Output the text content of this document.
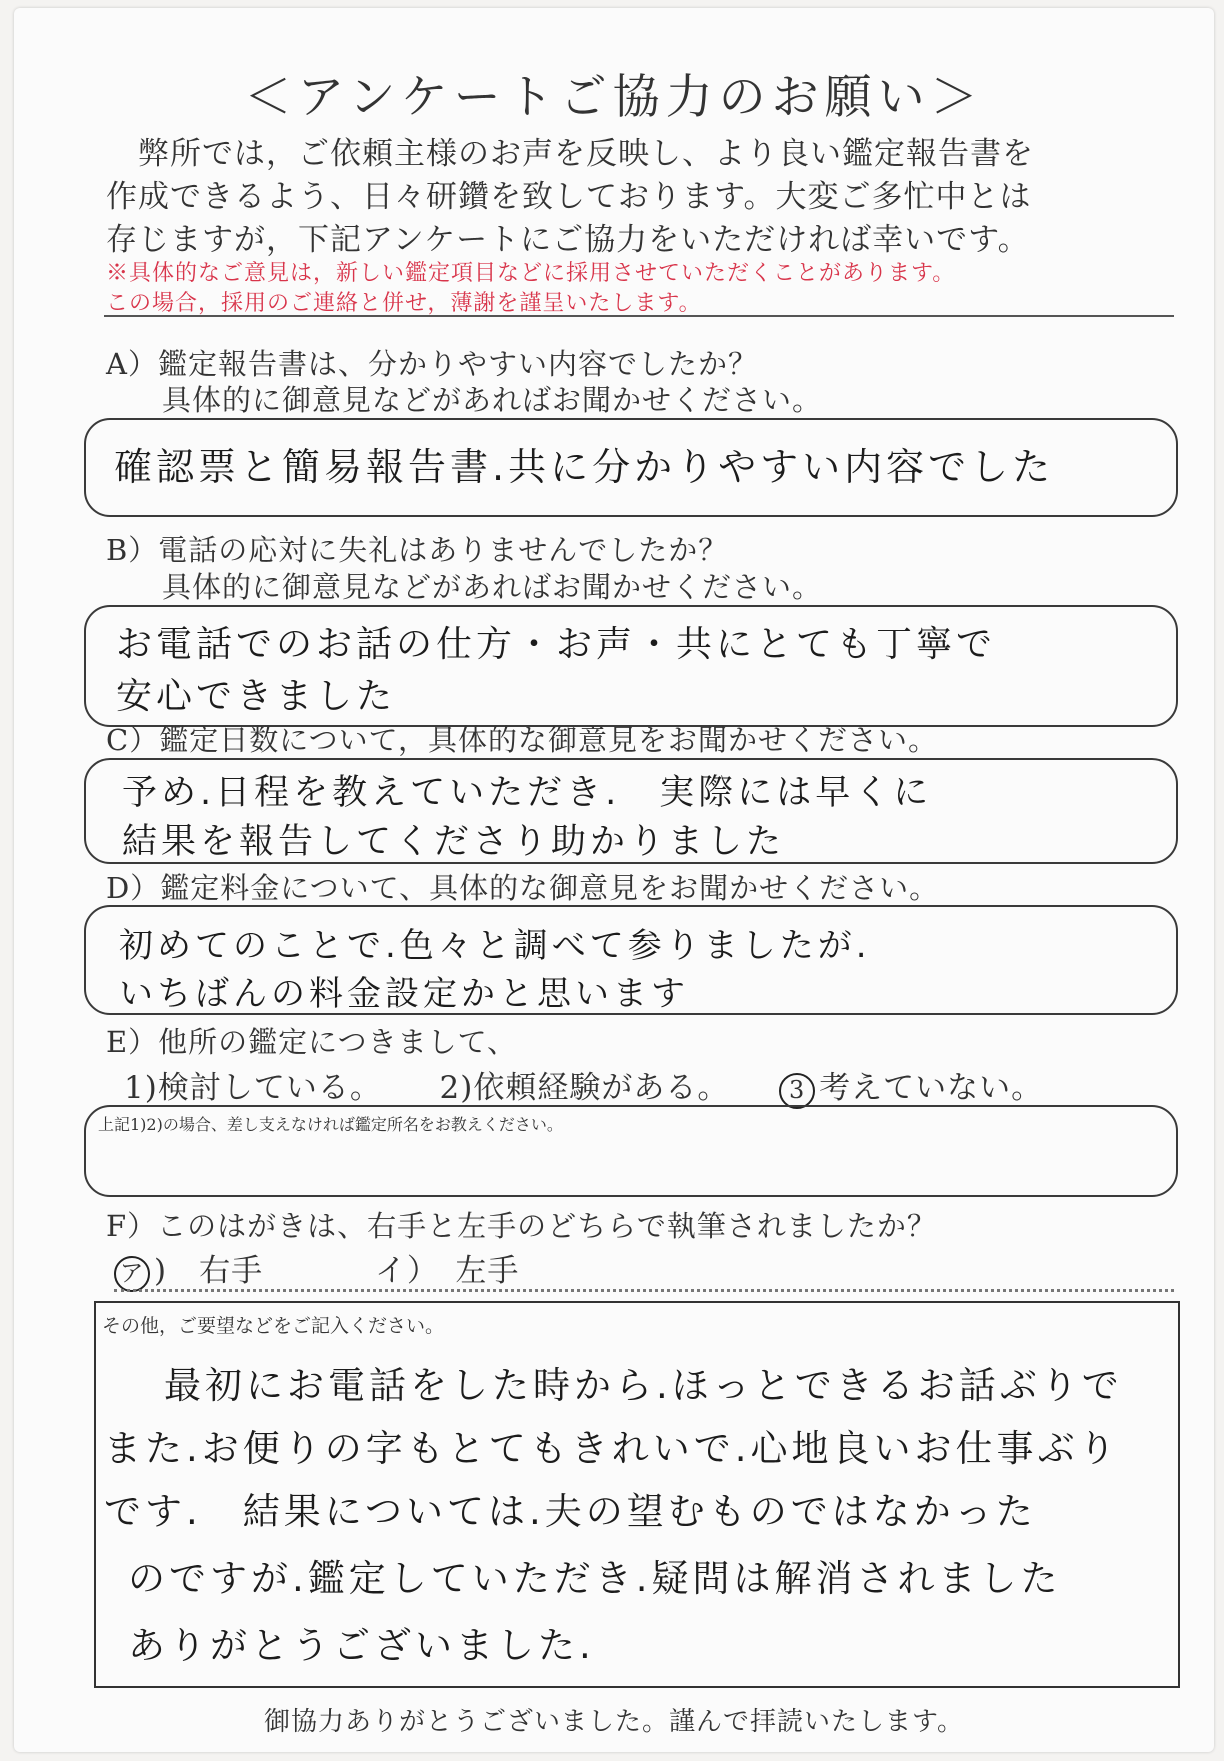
＜アンケートご協力のお願い＞
　弊所では，ご依頼主様のお声を反映し、より良い鑑定報告書を
作成できるよう、日々研鑽を致しております。大変ご多忙中とは
存じますが，下記アンケートにご協力をいただければ幸いです。
※具体的なご意見は，新しい鑑定項目などに採用させていただくことがあります。
この場合，採用のご連絡と併せ，薄謝を謹呈いたします。
A）鑑定報告書は、分かりやすい内容でしたか？
具体的に御意見などがあればお聞かせください。
確認票と簡易報告書.共に分かりやすい内容でした
B）電話の応対に失礼はありませんでしたか？
具体的に御意見などがあればお聞かせください。
お電話でのお話の仕方・お声・共にとても丁寧で
安心できました
C）鑑定日数について，具体的な御意見をお聞かせください。
予め.日程を教えていただき.　実際には早くに
結果を報告してくださり助かりました
D）鑑定料金について、具体的な御意見をお聞かせください。
初めてのことで.色々と調べて参りましたが.
いちばんの料金設定かと思います
E）他所の鑑定につきまして、
1)検討している。 2)依頼経験がある。 3 考えていない。
上記1)2)の場合、差し支えなければ鑑定所名をお教えください。
F）このはがきは、右手と左手のどちらで執筆されましたか？
ア )　右手	イ）　左手
その他，ご要望などをご記入ください。
最初にお電話をした時から.ほっとできるお話ぶりで
また.お便りの字もとてもきれいで.心地良いお仕事ぶり
です.　結果については.夫の望むものではなかった
のですが.鑑定していただき.疑問は解消されました
ありがとうございました.
御協力ありがとうございました。謹んで拝読いたします。
